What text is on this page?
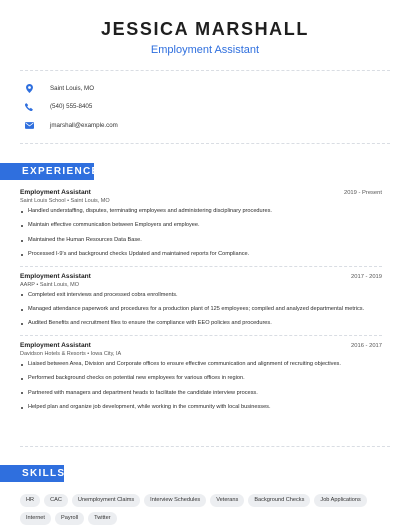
JESSICA MARSHALL
Employment Assistant
Saint Louis, MO
(540) 555-8405
jmarshall@example.com
EXPERIENCE
Employment Assistant	2019 - Present
Saint Louis School • Saint Louis, MO
Handled understaffing, disputes, terminating employees and administering disciplinary procedures.
Maintain effective communication between Employers and employee.
Maintained the Human Resources Data Base.
Processed I-9's and background checks Updated and maintained reports for Compliance.
Employment Assistant	2017 - 2019
AARP • Saint Louis, MO
Completed exit interviews and processed cobra enrollments.
Managed attendance paperwork and procedures for a production plant of 125 employees; compiled and analyzed departmental metrics.
Audited Benefits and recruitment files to ensure the compliance with EEO policies and procedures.
Employment Assistant	2016 - 2017
Davidson Hotels & Resorts • Iowa City, IA
Liaised between Area, Division and Corporate offices to ensure effective communication and alignment of recruiting objectives.
Performed background checks on potential new employees for various offices in region.
Partnered with managers and department heads to facilitate the candidate interview process.
Helped plan and organize job development, while working in the community with local businesses.
SKILLS
HR	CAC	Unemployment Claims	Interview Schedules	Veterans	Background Checks	Job Applications
Internet	Payroll	Twitter
